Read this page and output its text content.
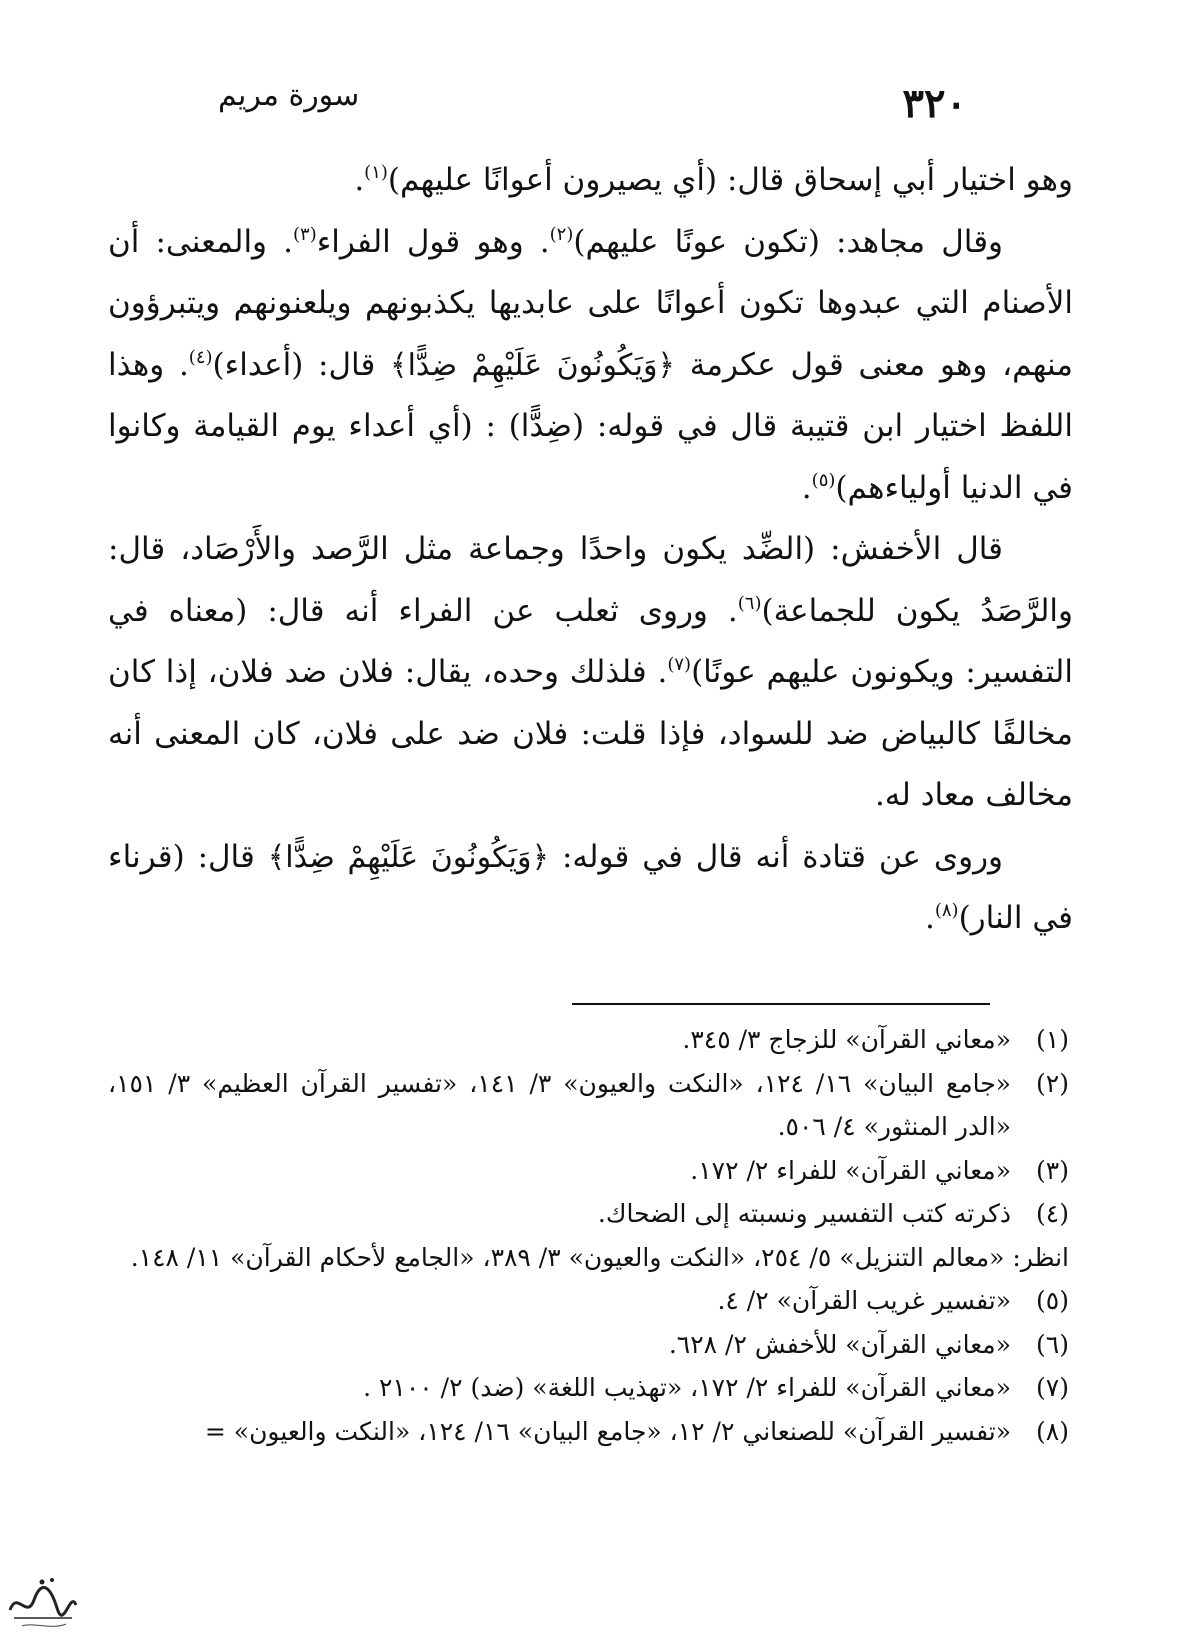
٣٢٠
سورة مريم

وهو اختيار أبي إسحاق قال: (أي يصيرون أعوانًا عليهم)$^{(١)}$.

وقال مجاهد: (تكون عونًا عليهم)$^{(٢)}$. وهو قول الفراء$^{(٣)}$. والمعنى: أن الأصنام التي عبدوها تكون أعوانًا على عابديها يكذبونهم ويلعنونهم ويتبرؤون منهم، وهو معنى قول عكرمة ﴿وَيَكُونُونَ عَلَيْهِمْ ضِدًّا﴾ قال: (أعداء)$^{(٤)}$. وهذا اللفظ اختيار ابن قتيبة قال في قوله: (ضِدًّا) : (أي أعداء يوم القيامة وكانوا في الدنيا أولياءهم)$^{(٥)}$.

قال الأخفش: (الضِّد يكون واحدًا وجماعة مثل الرَّصد والأَرْصَاد، قال: والرَّصَدُ يكون للجماعة)$^{(٦)}$. وروى ثعلب عن الفراء أنه قال: (معناه في التفسير: ويكونون عليهم عونًا)$^{(٧)}$. فلذلك وحده، يقال: فلان ضد فلان، إذا كان مخالفًا كالبياض ضد للسواد، فإذا قلت: فلان ضد على فلان، كان المعنى أنه مخالف معاد له.

وروى عن قتادة أنه قال في قوله: ﴿وَيَكُونُونَ عَلَيْهِمْ ضِدًّا﴾ قال: (قرناء في النار)$^{(٨)}$.

(١)
«معاني القرآن» للزجاج ٣/ ٣٤٥.
(٢)
«جامع البيان» ١٦/ ١٢٤، «النكت والعيون» ٣/ ١٤١، «تفسير القرآن العظيم» ٣/ ١٥١، «الدر المنثور» ٤/ ٥٠٦.
(٣)
«معاني القرآن» للفراء ٢/ ١٧٢.
(٤)
ذكرته كتب التفسير ونسبته إلى الضحاك.
انظر: «معالم التنزيل» ٥/ ٢٥٤، «النكت والعيون» ٣/ ٣٨٩، «الجامع لأحكام القرآن» ١١/ ١٤٨.
(٥)
«تفسير غريب القرآن» ٢/ ٤.
(٦)
«معاني القرآن» للأخفش ٢/ ٦٢٨.
(٧)
«معاني القرآن» للفراء ٢/ ١٧٢، «تهذيب اللغة» (ضد) ٢/ ٢١٠٠ .
(٨)
«تفسير القرآن» للصنعاني ٢/ ١٢، «جامع البيان» ١٦/ ١٢٤، «النكت والعيون» =
